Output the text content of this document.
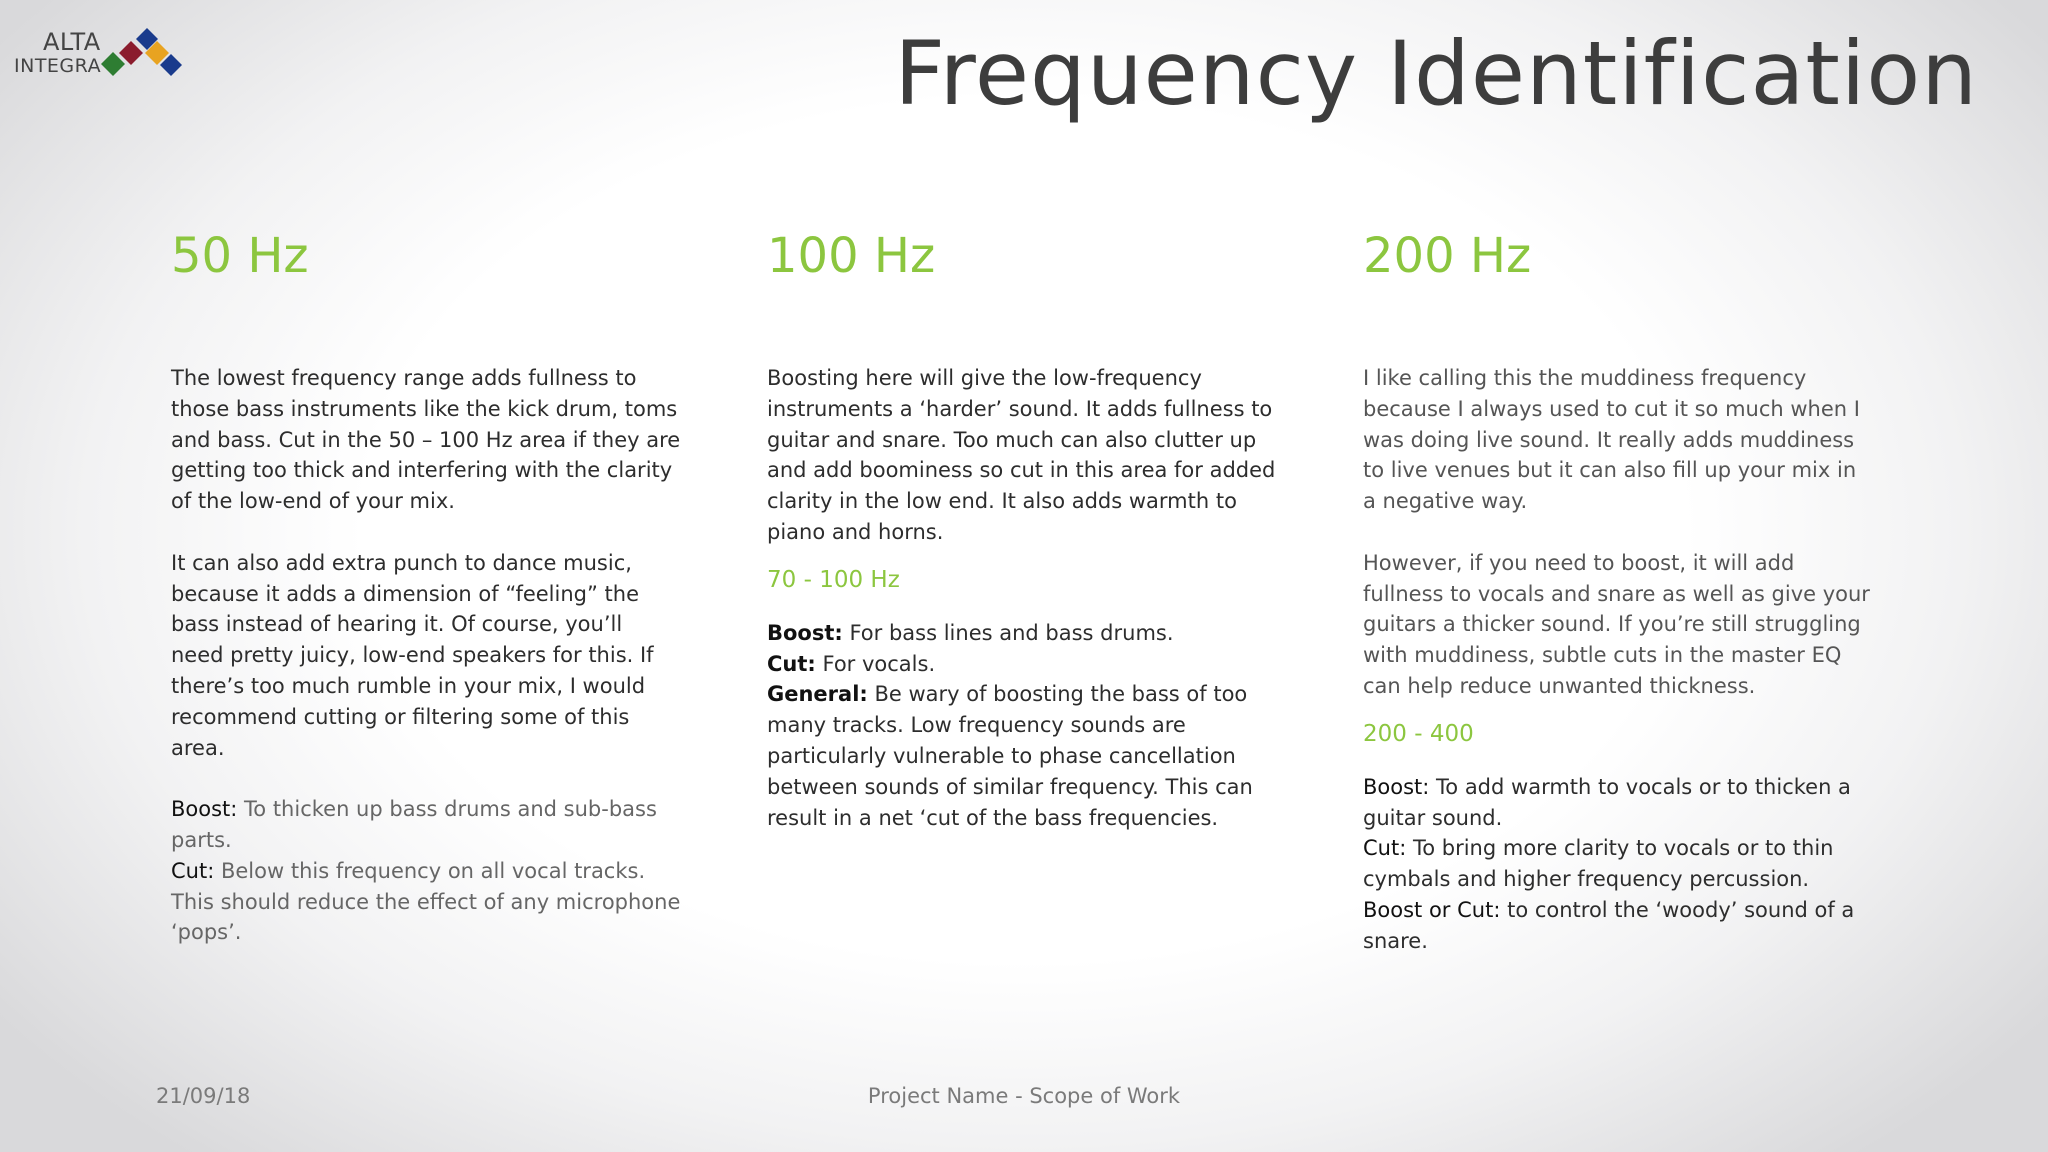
ALTA
INTEGRA	Frequency Identification
50 Hz

The lowest frequency range adds fullness to those bass instruments like the kick drum, toms and bass. Cut in the 50 – 100 Hz area if they are getting too thick and interfering with the clarity of the low-end of your mix.

It can also add extra punch to dance music, because it adds a dimension of “feeling” the bass instead of hearing it. Of course, you’ll need pretty juicy, low-end speakers for this. If there’s too much rumble in your mix, I would recommend cutting or filtering some of this area.

Boost: To thicken up bass drums and sub-bass parts.

Cut: Below this frequency on all vocal tracks. This should reduce the effect of any microphone ‘pops’.

100 Hz

Boosting here will give the low-frequency instruments a ‘harder’ sound. It adds fullness to guitar and snare. Too much can also clutter up and add boominess so cut in this area for added clarity in the low end. It also adds warmth to piano and horns.

70 - 100 Hz

Boost: For bass lines and bass drums.

Cut: For vocals.

General: Be wary of boosting the bass of too many tracks. Low frequency sounds are particularly vulnerable to phase cancellation between sounds of similar frequency. This can result in a net ‘cut of the bass frequencies.

200 Hz

I like calling this the muddiness frequency because I always used to cut it so much when I was doing live sound. It really adds muddiness to live venues but it can also fill up your mix in a negative way.

However, if you need to boost, it will add fullness to vocals and snare as well as give your guitars a thicker sound. If you’re still struggling with muddiness, subtle cuts in the master EQ can help reduce unwanted thickness.

200 - 400

Boost: To add warmth to vocals or to thicken a guitar sound.

Cut: To bring more clarity to vocals or to thin cymbals and higher frequency percussion.

Boost or Cut: to control the ‘woody’ sound of a snare.

21/09/18	Project Name - Scope of Work
